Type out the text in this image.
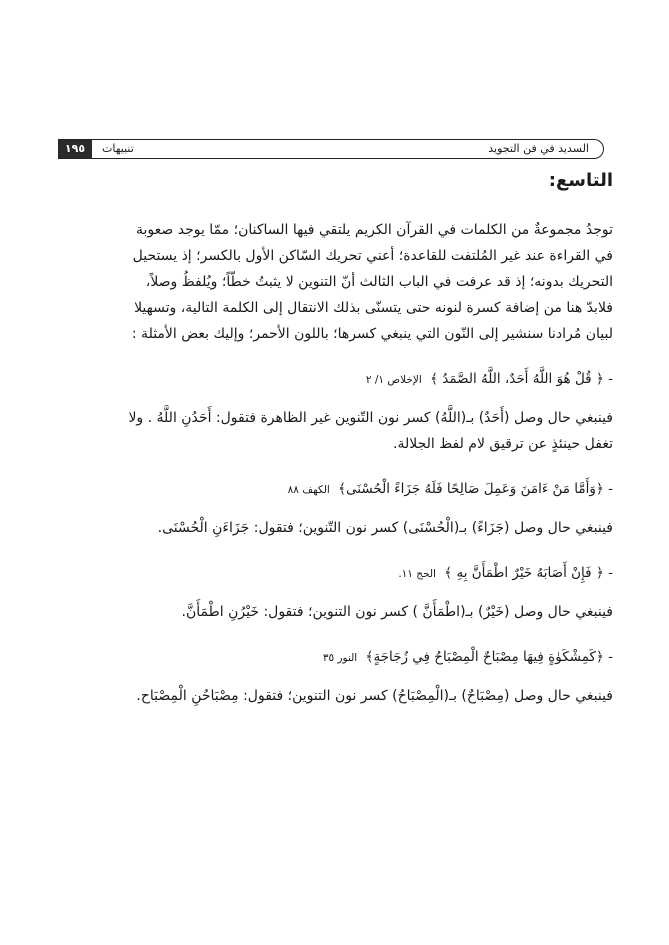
١٩٥	تنبيهات	السديد في فن التجويد
التاسع:

توجدُ مجموعةٌ من الكلمات في القرآن الكريم يلتقي فيها الساكنان؛ ممّا يوجد صعوبة
في القراءة عند غير المُلتفت للقاعدة؛ أعني تحريك السّاكن الأول بالكسر؛ إذ يستحيل
التحريك بدونه؛ إذ قد عرفت في الباب الثالث أنّ التنوين لا يثبتُ خطّاً؛ ويُلفظُ وصلاً،
فلابدّ هنا من إضافة كسرة لنونه حتى يتسنّى بذلك الانتقال إلى الكلمة التالية، وتسهيلا
لبيان مُرادنا سنشير إلى النّون التي ينبغي كسرها؛ باللون الأحمر؛ وإليك بعض الأمثلة :

- ﴿ قُلْ هُوَ اللَّهُ أَحَدٌ، اللَّهُ الصَّمَدُ ﴾ الإخلاص ١/ ٢

فينبغي حال وصل (أَحَدٌ) بـ(اللَّهُ) كسر نون التّنوين غير الظاهرة فتقول: أَحَدُنِ اللَّهُ . ولا
تغفل حينئذٍ عن ترقيق لام لفظ الجلالة.

- ﴿وَأَمَّا مَنْ ءَامَنَ وَعَمِلَ صَالِحًا فَلَهُ جَزَاءً الْحُسْنَى﴾ الكهف ٨٨

فينبغي حال وصل (جَزَاءً) بـ(الْحُسْنَى) كسر نون التّنوين؛ فتقول: جَزَاءَنِ الْحُسْنَى.

- ﴿ فَإِنْ أَصَابَهُ خَيْرٌ اطْمَأَنَّ بِهِ ﴾ الحج ١١.

فينبغي حال وصل (خَيْرٌ) بـ(اطْمَأَنَّ ) كسر نون التنوين؛ فتقول: خَيْرُنِ اطْمَأَنَّ.

- ﴿كَمِشْكَوٰةٍ فِيهَا مِصْبَاحٌ الْمِصْبَاحُ فِي زُجَاجَةٍ﴾ النور ٣٥

فينبغي حال وصل (مِصْبَاحٌ) بـ(الْمِصْبَاحُ) كسر نون التنوين؛ فتقول: مِصْبَاحُنِ الْمِصْبَاح.
